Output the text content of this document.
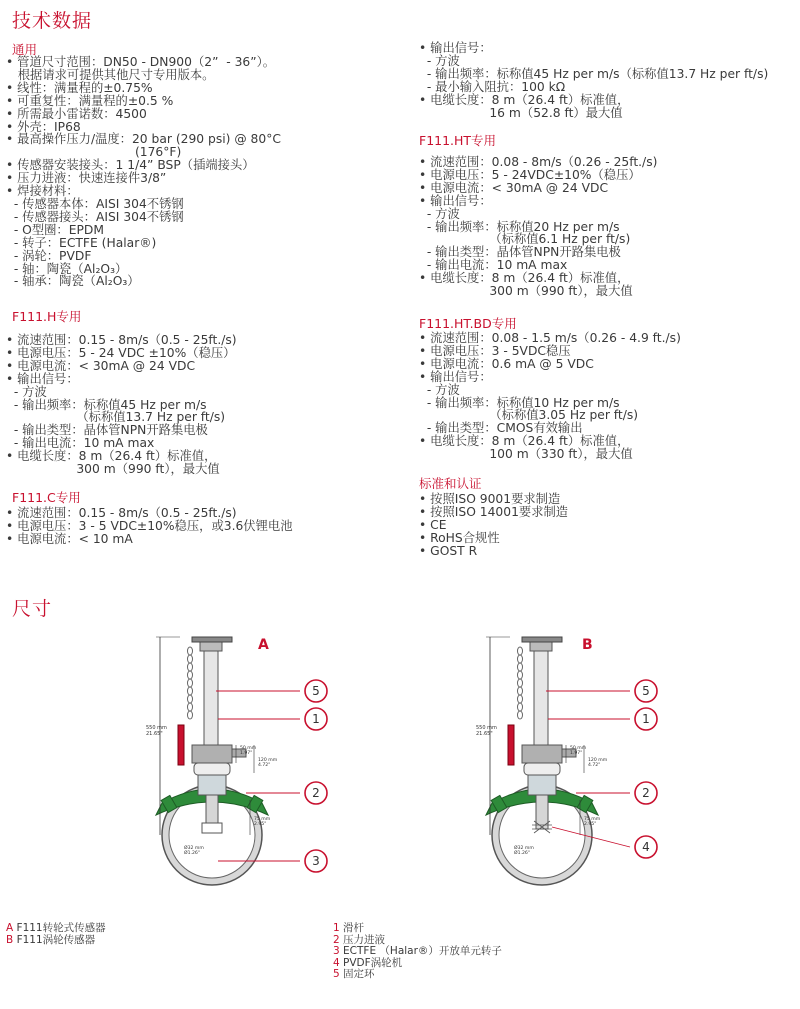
技术数据
通用
• 管道尺寸范围：DN50 - DN900（2”  - 36”）。
根据请求可提供其他尺寸专用版本。
• 线性：满量程的±0.75%
• 可重复性：满量程的±0.5 %
• 所需最小雷诺数：4500
• 外壳：IP68
• 最高操作压力/温度：20 bar (290 psi) @ 80°C
(176°F)
• 传感器安装接头：1 1/4” BSP（插端接头）
• 压力进液：快速连接件3/8”
• 焊接材料：
- 传感器本体：AISI 304不锈钢
- 传感器接头：AISI 304不锈钢
- O型圈：EPDM
- 转子：ECTFE (Halar®)
- 涡轮：PVDF
- 轴：陶瓷（Al₂O₃）
- 轴承：陶瓷（Al₂O₃）
F111.H专用
• 流速范围：0.15 - 8m/s（0.5 - 25ft./s)
• 电源电压：5 - 24 VDC ±10%（稳压）
• 电源电流：< 30mA @ 24 VDC
• 输出信号：
- 方波
- 输出频率：标称值45 Hz per m/s
（标称值13.7 Hz per ft/s)
- 输出类型：晶体管NPN开路集电极
- 输出电流：10 mA max
• 电缆长度：8 m（26.4 ft）标准值，
300 m（990 ft），最大值
F111.C专用
• 流速范围：0.15 - 8m/s（0.5 - 25ft./s)
• 电源电压：3 - 5 VDC±10%稳压，或3.6伏锂电池
• 电源电流：< 10 mA
• 输出信号：
- 方波
- 输出频率：标称值45 Hz per m/s（标称值13.7 Hz per ft/s)
- 最小输入阻抗：100 kΩ
• 电缆长度：8 m（26.4 ft）标准值，
16 m（52.8 ft）最大值
F111.HT专用
• 流速范围：0.08 - 8m/s（0.26 - 25ft./s)
• 电源电压：5 - 24VDC±10%（稳压）
• 电源电流：< 30mA @ 24 VDC
• 输出信号：
- 方波
- 输出频率：标称值20 Hz per m/s
（标称值6.1 Hz per ft/s)
- 输出类型：晶体管NPN开路集电极
- 输出电流：10 mA max
• 电缆长度：8 m（26.4 ft）标准值，
300 m（990 ft），最大值
F111.HT.BD专用
• 流速范围：0.08 - 1.5 m/s（0.26 - 4.9 ft./s)
• 电源电压：3 - 5VDC稳压
• 电源电流：0.6 mA @ 5 VDC
• 输出信号：
- 方波
- 输出频率：标称值10 Hz per m/s
（标称值3.05 Hz per ft/s)
- 输出类型：CMOS有效输出
• 电缆长度：8 m（26.4 ft）标准值，
100 m（330 ft），最大值
标准和认证
• 按照ISO 9001要求制造
• 按照ISO 14001要求制造
• CE
• RoHS合规性
• GOST R
尺寸
550 mm
21.65"
50 mm
1.97"
120 mm
4.72"
75 mm
2.95"
Ø32 mm
Ø1.26"
A
5
1
2
3
550 mm
21.65"
50 mm
1.97"
120 mm
4.72"
75 mm
2.95"
Ø32 mm
Ø1.26"
B
5
1
2
4
A F111转轮式传感器
B F111涡轮传感器
1 滑杆
2 压力进液
3 ECTFE （Halar®）开放单元转子
4 PVDF涡轮机
5 固定环
